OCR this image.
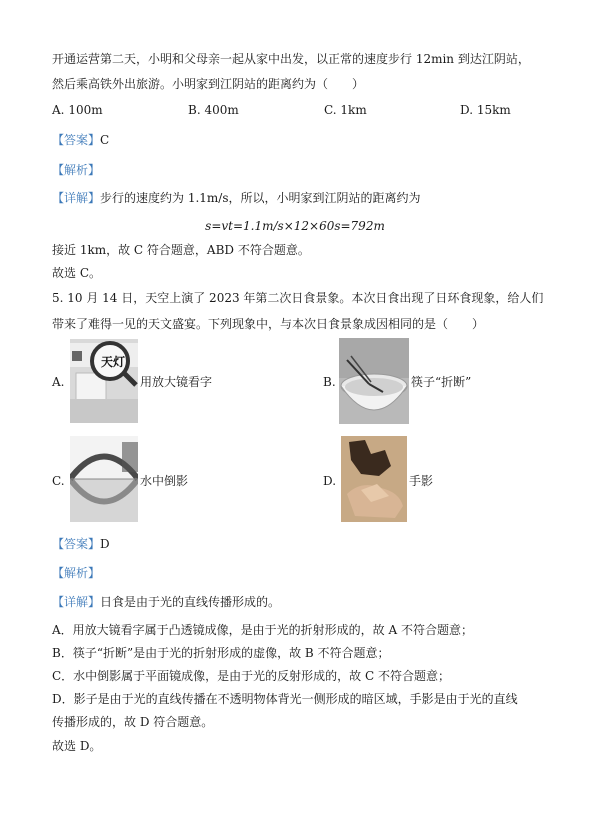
开通运营第二天，小明和父母亲一起从家中出发，以正常的速度步行 12min 到达江阴站，
然后乘高铁外出旅游。小明家到江阴站的距离约为（　　）
A. 100m	B. 400m	C. 1km	D. 15km
【答案】C
【解析】
【详解】步行的速度约为 1.1m/s，所以，小明家到江阴站的距离约为
s=vt=1.1m/s×12×60s=792m
接近 1km，故 C 符合题意，ABD 不符合题意。
故选 C。
5. 10 月 14 日，天空上演了 2023 年第二次日食景象。本次日食出现了日环食现象，给人们
带来了难得一见的天文盛宴。下列现象中，与本次日食景象成因相同的是（　　）
A.
天灯
用放大镜看字	B.	筷子“折断”
C.	水中倒影	D.	手影
【答案】D
【解析】
【详解】日食是由于光的直线传播形成的。
A．用放大镜看字属于凸透镜成像，是由于光的折射形成的，故 A 不符合题意；
B．筷子“折断”是由于光的折射形成的虚像，故 B 不符合题意；
C．水中倒影属于平面镜成像，是由于光的反射形成的，故 C 不符合题意；
D．影子是由于光的直线传播在不透明物体背光一侧形成的暗区域，手影是由于光的直线
传播形成的，故 D 符合题意。
故选 D。
